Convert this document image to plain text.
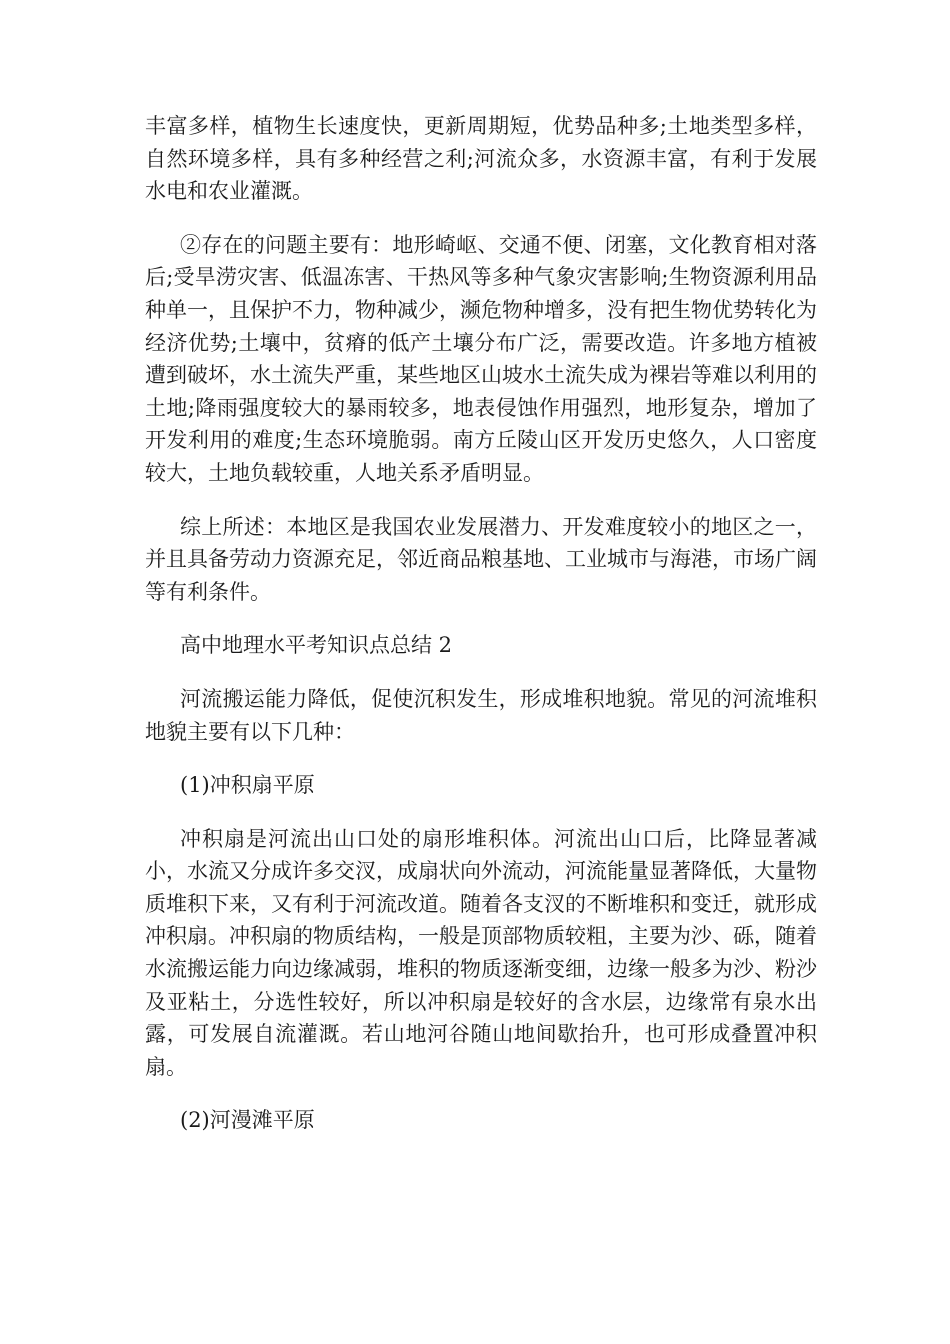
丰富多样，植物生长速度快，更新周期短，优势品种多;土地类型多样，自然环境多样，具有多种经营之利;河流众多，水资源丰富，有利于发展水电和农业灌溉。

②存在的问题主要有：地形崎岖、交通不便、闭塞，文化教育相对落后;受旱涝灾害、低温冻害、干热风等多种气象灾害影响;生物资源利用品种单一，且保护不力，物种减少，濒危物种增多，没有把生物优势转化为经济优势;土壤中，贫瘠的低产土壤分布广泛，需要改造。许多地方植被遭到破坏，水土流失严重，某些地区山坡水土流失成为裸岩等难以利用的土地;降雨强度较大的暴雨较多，地表侵蚀作用强烈，地形复杂，增加了开发利用的难度;生态环境脆弱。南方丘陵山区开发历史悠久，人口密度较大，土地负载较重，人地关系矛盾明显。

综上所述：本地区是我国农业发展潜力、开发难度较小的地区之一，并且具备劳动力资源充足，邻近商品粮基地、工业城市与海港，市场广阔等有利条件。

高中地理水平考知识点总结 2

河流搬运能力降低，促使沉积发生，形成堆积地貌。常见的河流堆积地貌主要有以下几种：

(1)冲积扇平原

冲积扇是河流出山口处的扇形堆积体。河流出山口后，比降显著减小，水流又分成许多交汊，成扇状向外流动，河流能量显著降低，大量物质堆积下来，又有利于河流改道。随着各支汊的不断堆积和变迁，就形成冲积扇。冲积扇的物质结构，一般是顶部物质较粗，主要为沙、砾，随着水流搬运能力向边缘减弱，堆积的物质逐渐变细，边缘一般多为沙、粉沙及亚粘土，分选性较好，所以冲积扇是较好的含水层，边缘常有泉水出露，可发展自流灌溉。若山地河谷随山地间歇抬升，也可形成叠置冲积扇。

(2)河漫滩平原
